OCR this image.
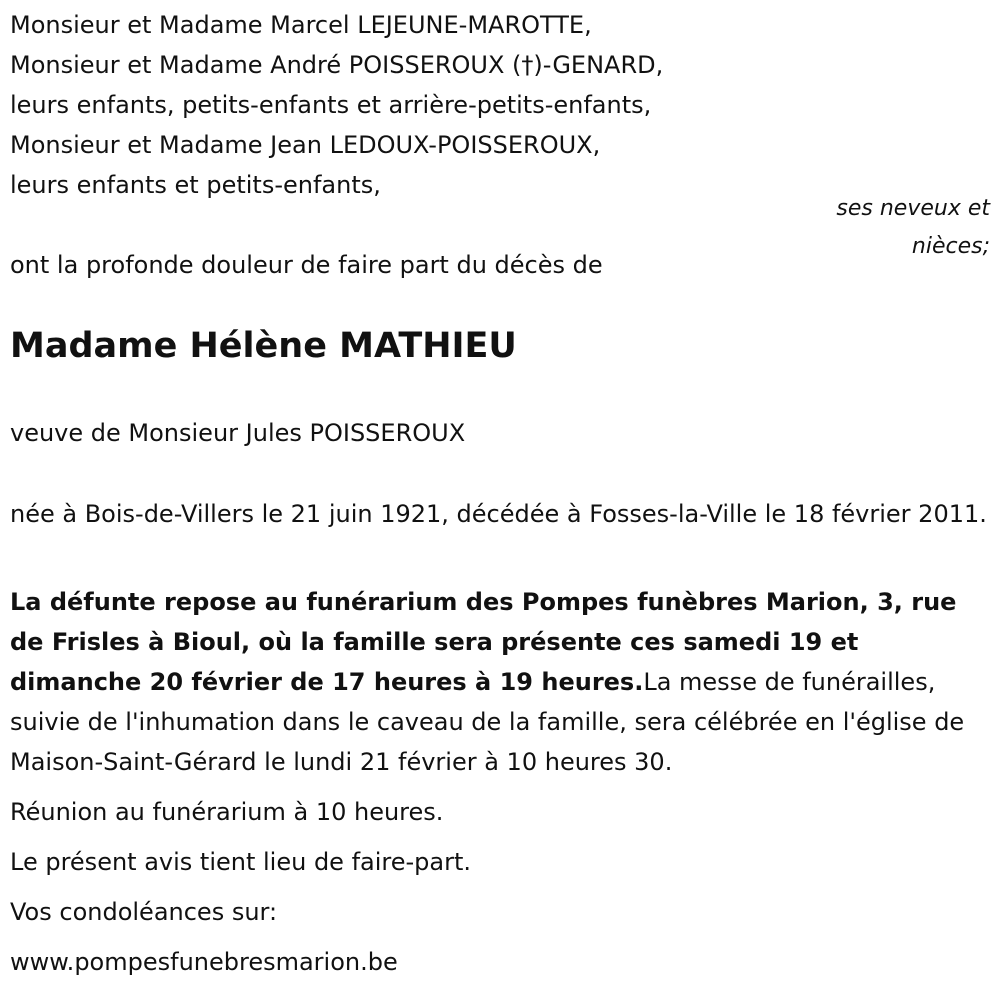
Monsieur et Madame Marcel LEJEUNE-MAROTTE,

Monsieur et Madame André POISSEROUX (†)-GENARD,

leurs enfants, petits-enfants et arrière-petits-enfants,

Monsieur et Madame Jean LEDOUX-POISSEROUX,

leurs enfants et petits-enfants,

ses neveux et
nièces;

ont la profonde douleur de faire part du décès de

Madame Hélène MATHIEU

veuve de Monsieur Jules POISSEROUX

née à Bois-de-Villers le 21 juin 1921, décédée à Fosses-la-Ville le 18 février 2011.

La défunte repose au funérarium des Pompes funèbres Marion, 3, rue de Frisles à Bioul, où la famille sera présente ces samedi 19 et dimanche 20 février de 17 heures à 19 heures.La messe de funérailles, suivie de l'inhumation dans le caveau de la famille, sera célébrée en l'église de Maison-Saint-Gérard le lundi 21 février à 10 heures 30.

Réunion au funérarium à 10 heures.

Le présent avis tient lieu de faire-part.

Vos condoléances sur:

www.pompesfunebresmarion.be
